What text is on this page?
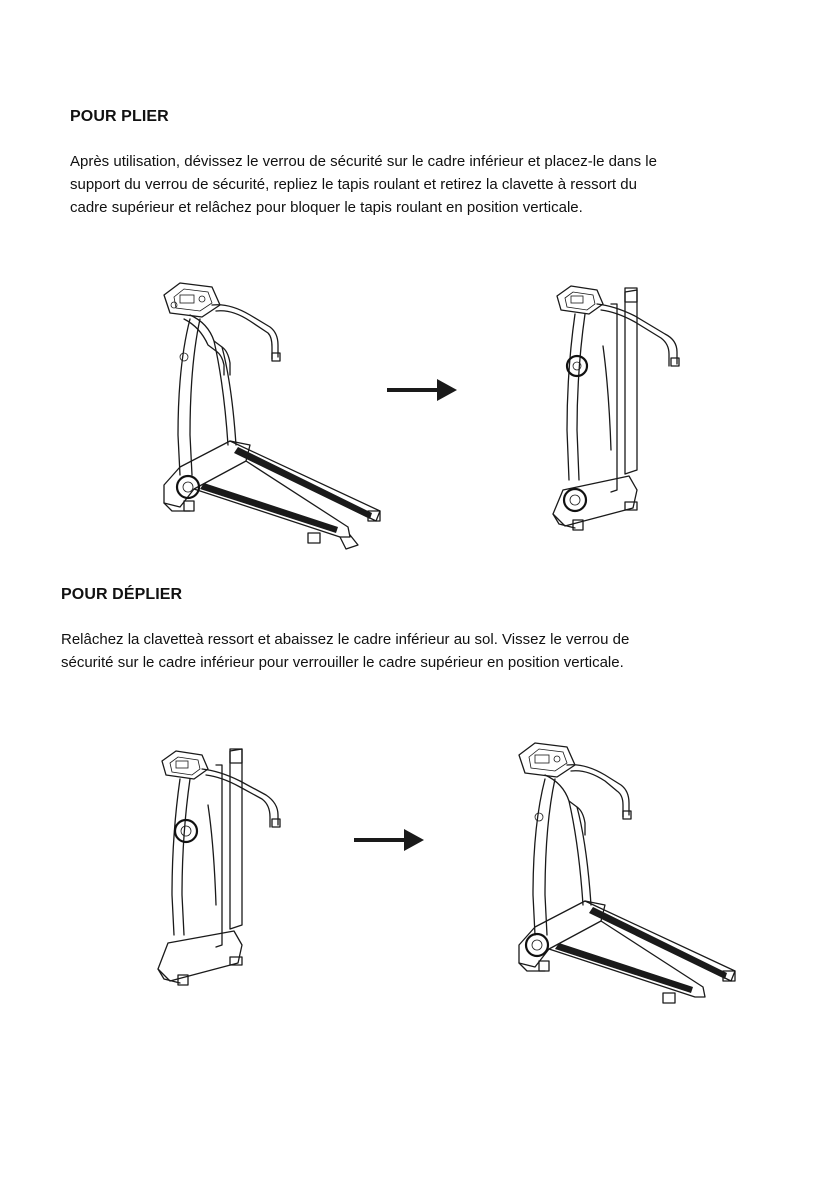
POUR PLIER
Après utilisation, dévissez le verrou de sécurité sur le cadre inférieur et placez-le dans le
support du verrou de sécurité, repliez le tapis roulant et retirez la clavette à ressort du
cadre supérieur et relâchez pour bloquer le tapis roulant en position verticale.
POUR DÉPLIER
Relâchez la clavetteà ressort et abaissez le cadre inférieur au sol. Vissez le verrou de
sécurité sur le cadre inférieur pour verrouiller le cadre supérieur en position verticale.
